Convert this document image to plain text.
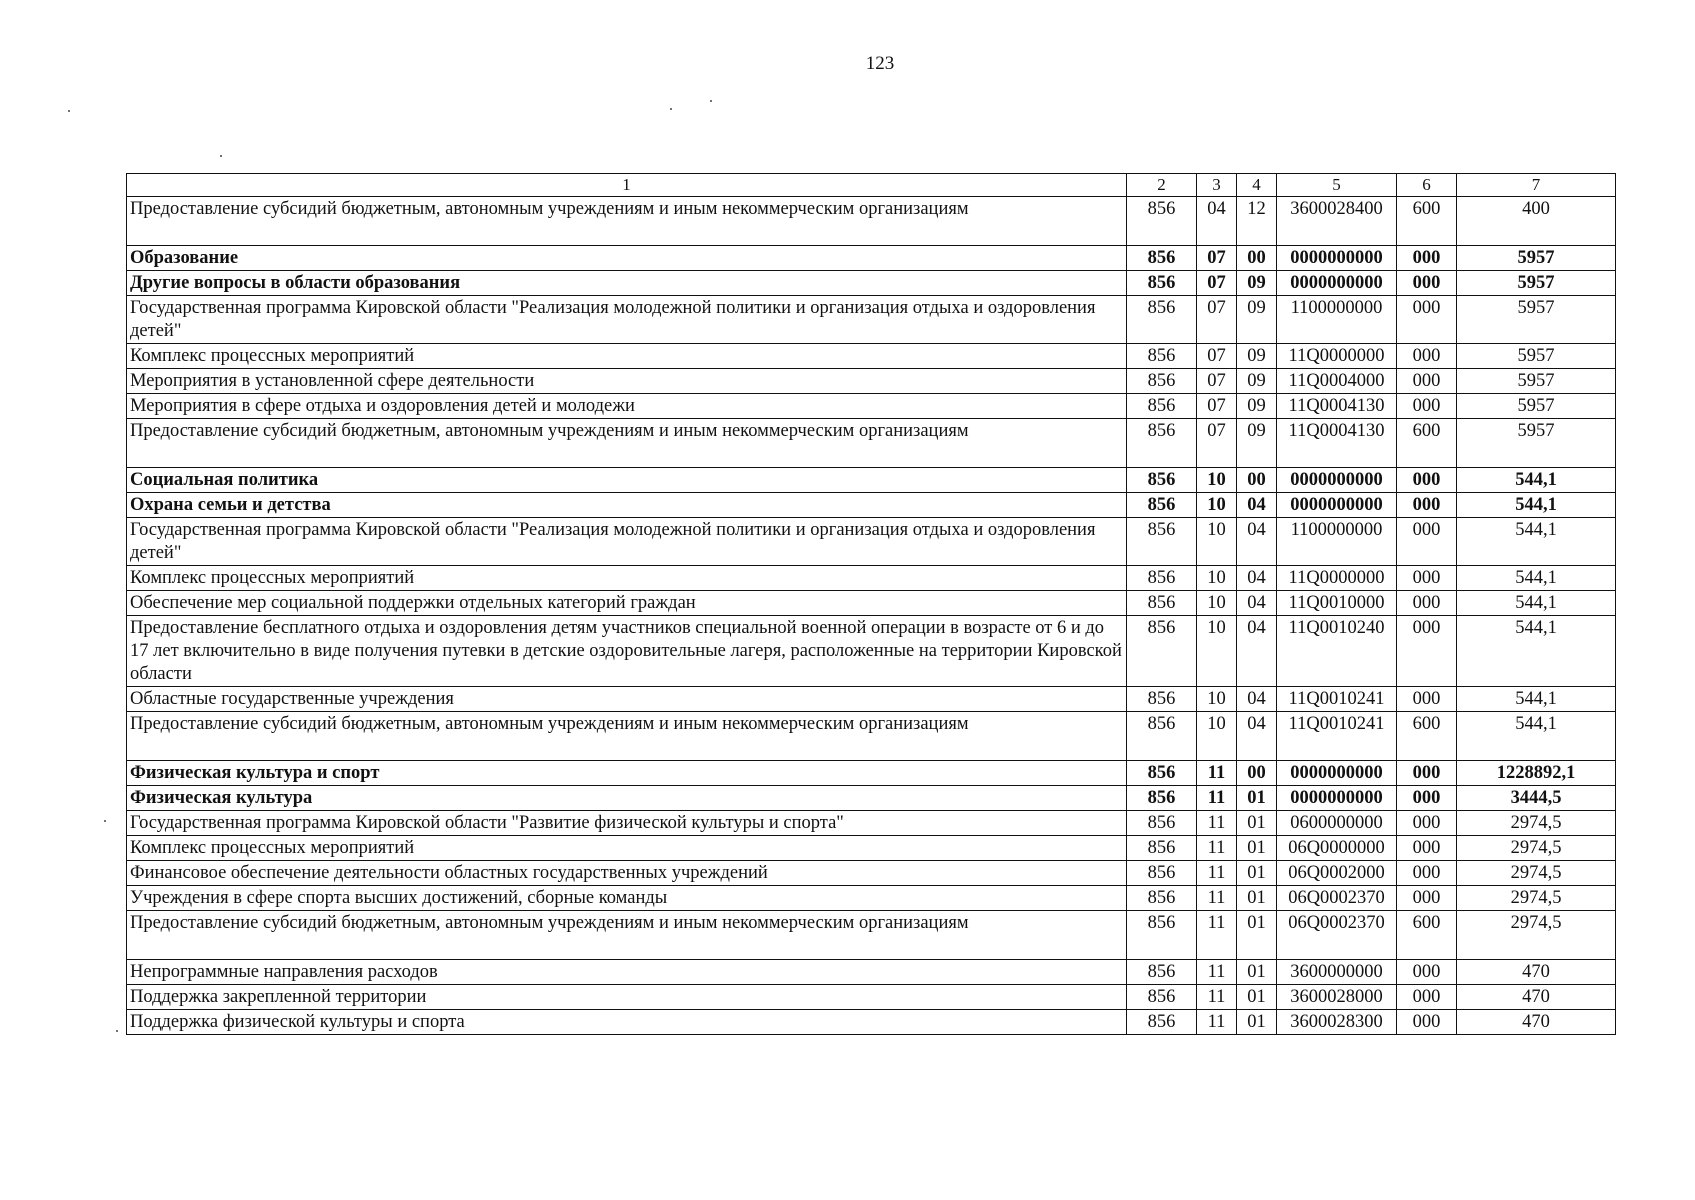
123
1	2	3	4	5	6	7
Предоставление субсидий бюджетным, автономным учреждениям и иным некоммерческим организациям	856	04	12	3600028400	600	400
Образование	856	07	00	0000000000	000	5957
Другие вопросы в области образования	856	07	09	0000000000	000	5957
Государственная программа Кировской области "Реализация молодежной политики и организация отдыха и оздоровления детей"	856	07	09	1100000000	000	5957
Комплекс процессных мероприятий	856	07	09	11Q0000000	000	5957
Мероприятия в установленной сфере деятельности	856	07	09	11Q0004000	000	5957
Мероприятия в сфере отдыха и оздоровления детей и молодежи	856	07	09	11Q0004130	000	5957
Предоставление субсидий бюджетным, автономным учреждениям и иным некоммерческим организациям	856	07	09	11Q0004130	600	5957
Социальная политика	856	10	00	0000000000	000	544,1
Охрана семьи и детства	856	10	04	0000000000	000	544,1
Государственная программа Кировской области "Реализация молодежной политики и организация отдыха и оздоровления детей"	856	10	04	1100000000	000	544,1
Комплекс процессных мероприятий	856	10	04	11Q0000000	000	544,1
Обеспечение мер социальной поддержки отдельных категорий граждан	856	10	04	11Q0010000	000	544,1
Предоставление бесплатного отдыха и оздоровления детям участников специальной военной операции в возрасте от 6 и до 17 лет включительно в виде получения путевки в детские оздоровительные лагеря, расположенные на территории Кировской области	856	10	04	11Q0010240	000	544,1
Областные государственные учреждения	856	10	04	11Q0010241	000	544,1
Предоставление субсидий бюджетным, автономным учреждениям и иным некоммерческим организациям	856	10	04	11Q0010241	600	544,1
Физическая культура и спорт	856	11	00	0000000000	000	1228892,1
Физическая культура	856	11	01	0000000000	000	3444,5
Государственная программа Кировской области "Развитие физической культуры и спорта"	856	11	01	0600000000	000	2974,5
Комплекс процессных мероприятий	856	11	01	06Q0000000	000	2974,5
Финансовое обеспечение деятельности областных государственных учреждений	856	11	01	06Q0002000	000	2974,5
Учреждения в сфере спорта высших достижений, сборные команды	856	11	01	06Q0002370	000	2974,5
Предоставление субсидий бюджетным, автономным учреждениям и иным некоммерческим организациям	856	11	01	06Q0002370	600	2974,5
Непрограммные направления расходов	856	11	01	3600000000	000	470
Поддержка закрепленной территории	856	11	01	3600028000	000	470
Поддержка физической культуры и спорта	856	11	01	3600028300	000	470
